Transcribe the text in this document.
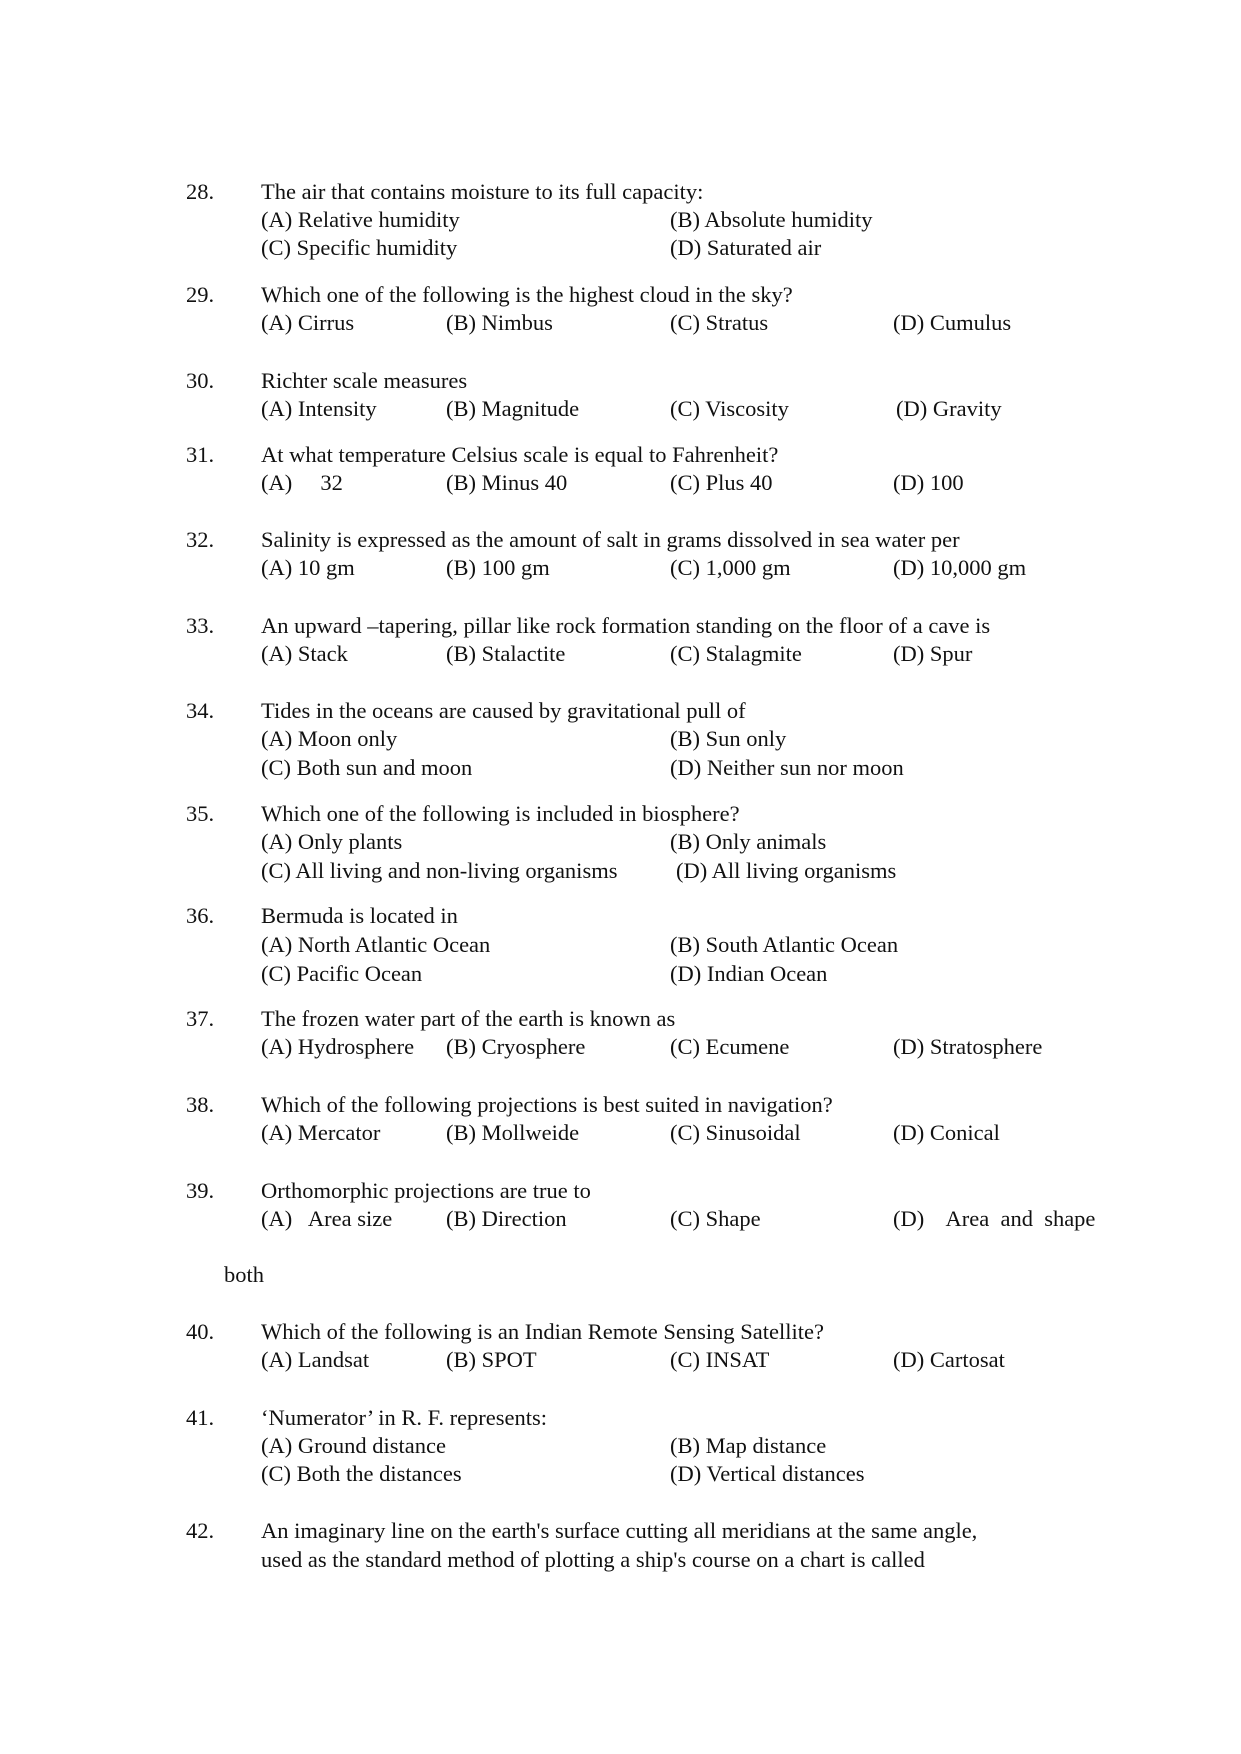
28. The air that contains moisture to its full capacity:
(A) Relative humidity	(B) Absolute humidity
(C) Specific humidity	(D) Saturated air
29. Which one of the following is the highest cloud in the sky?
(A) Cirrus	(B) Nimbus	(C) Stratus	(D) Cumulus
30. Richter scale measures
(A) Intensity	(B) Magnitude	(C) Viscosity	(D) Gravity
31. At what temperature Celsius scale is equal to Fahrenheit?
(A)     32	(B) Minus 40	(C) Plus 40	(D) 100
32. Salinity is expressed as the amount of salt in grams dissolved in sea water per
(A) 10 gm	(B) 100 gm	(C) 1,000 gm	(D) 10,000 gm
33. An upward –tapering, pillar like rock formation standing on the floor of a cave is
(A) Stack	(B) Stalactite	(C) Stalagmite	(D) Spur
34. Tides in the oceans are caused by gravitational pull of
(A) Moon only	(B) Sun only
(C) Both sun and moon	(D) Neither sun nor moon
35. Which one of the following is included in biosphere?
(A) Only plants	(B) Only animals
(C) All living and non-living organisms	(D) All living organisms
36. Bermuda is located in
(A) North Atlantic Ocean	(B) South Atlantic Ocean
(C) Pacific Ocean	(D) Indian Ocean
37. The frozen water part of the earth is known as
(A) Hydrosphere (B) Cryosphere	(C) Ecumene	(D) Stratosphere
38. Which of the following projections is best suited in navigation?
(A) Mercator	(B) Mollweide	(C) Sinusoidal	(D) Conical
39. Orthomorphic projections are true to
(A)   Area size (B) Direction	(C) Shape	(D)    Area  and  shape
both
40. Which of the following is an Indian Remote Sensing Satellite?
(A) Landsat	(B) SPOT	(C) INSAT	(D) Cartosat
41. ‘Numerator’ in R. F. represents:
(A) Ground distance	(B) Map distance
(C) Both the distances	(D) Vertical distances
42. An imaginary line on the earth's surface cutting all meridians at the same angle,
used as the standard method of plotting a ship's course on a chart is called
